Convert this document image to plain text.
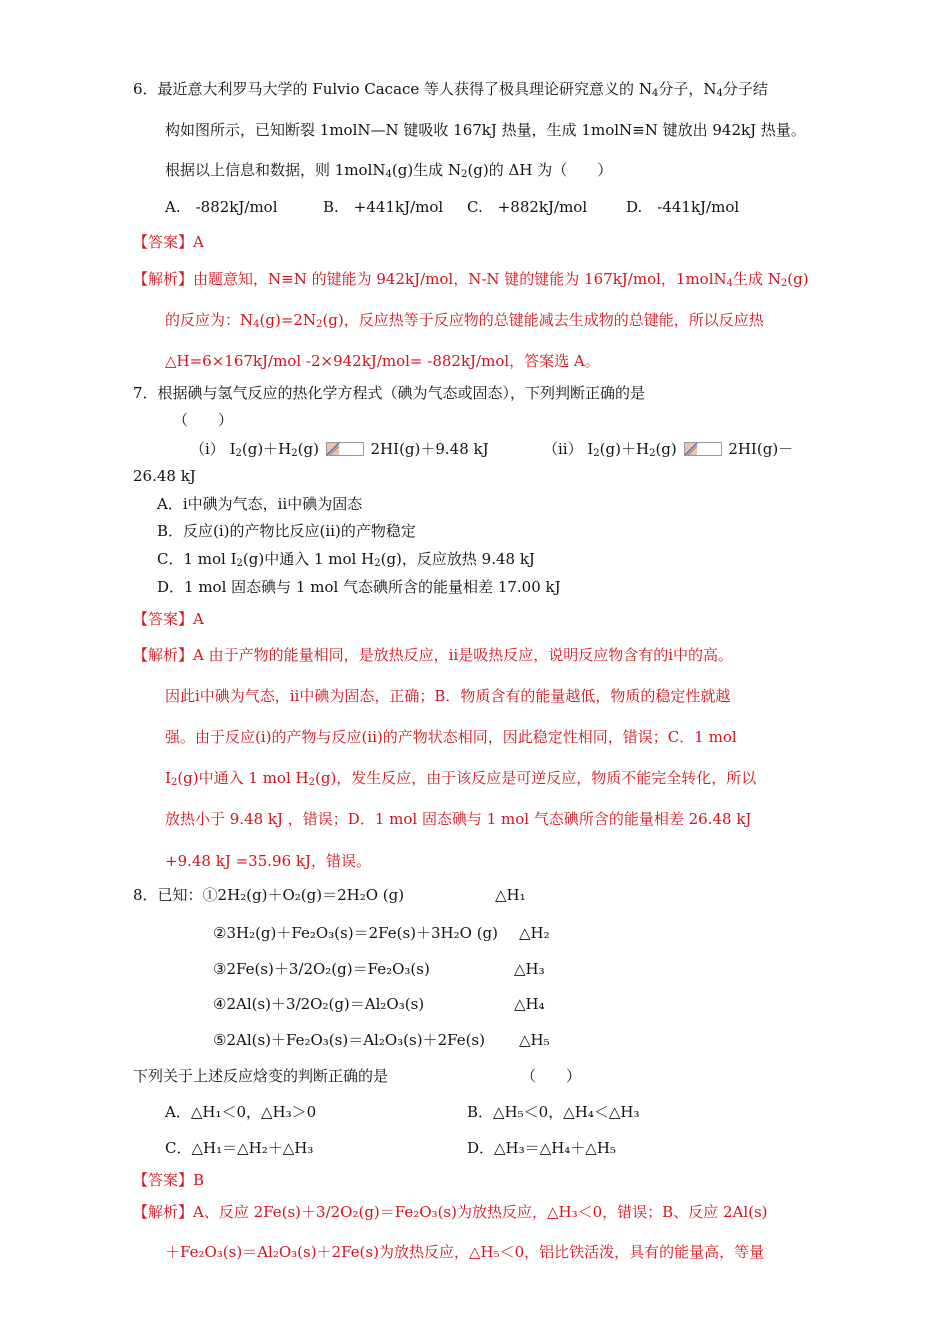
6．最近意大利罗马大学的 Fulvio Cacace 等人获得了极具理论研究意义的 $N_4$分子，$N_4$分子结
构如图所示，已知断裂 1molN—N 键吸收 167kJ 热量，生成 1molN≡N 键放出 942kJ 热量。
根据以上信息和数据，则 1molN$_4$(g)生成 $N_2(g)$的 ΔH 为（　　）
A.　-882kJ/mol	B.　+441kJ/mol C.　+882kJ/mol	D.　-441kJ/mol
【答案】A
【解析】由题意知，N≡N 的键能为 942kJ/mol，N-N 键的键能为 167kJ/mol，1molN$_4$生成 $N_2(g)$
的反应为：$N_4(g)=2N_2(g)$，反应热等于反应物的总键能减去生成物的总键能，所以反应热
△H=6×167kJ/mol -2×942kJ/mol= -882kJ/mol，答案选 A。
7．根据碘与氢气反应的热化学方程式（碘为气态或固态），下列判断正确的是
（　　）
（ⅰ） $I_2(g)+H_2(g)$	2HI(g)＋9.48 kJ	（ⅱ） $I_2(g)+H_2(g)$	2HI(g)－
26.48 kJ
A．ⅰ中碘为气态，ⅱ中碘为固态
B．反应(ⅰ)的产物比反应(ⅱ)的产物稳定
C．1 mol $I_2(g)$中通入 1 mol $H_2(g)$，反应放热 9.48 kJ
D．1 mol 固态碘与 1 mol 气态碘所含的能量相差 17.00 kJ
【答案】A
【解析】A 由于产物的能量相同，是放热反应，ⅱ是吸热反应，说明反应物含有的ⅰ中的高。
因此ⅰ中碘为气态，ⅱ中碘为固态，正确；B．物质含有的能量越低，物质的稳定性就越
强。由于反应(ⅰ)的产物与反应(ⅱ)的产物状态相同，因此稳定性相同，错误；C．1 mol
$I_2(g)$中通入 1 mol $H_2(g)$，发生反应，由于该反应是可逆反应，物质不能完全转化，所以
放热小于 9.48 kJ ，错误；D．1 mol 固态碘与 1 mol 气态碘所含的能量相差 26.48 kJ
+9.48 kJ =35.96 kJ，错误。
8．已知：①2H₂(g)＋O₂(g)＝2H₂O (g)	△H₁
②3H₂(g)＋Fe₂O₃(s)＝2Fe(s)＋3H₂O (g) △H₂
③2Fe(s)＋3/2O₂(g)＝Fe₂O₃(s)	△H₃
④2Al(s)＋3/2O₂(g)＝Al₂O₃(s)	△H₄
⑤2Al(s)＋Fe₂O₃(s)＝Al₂O₃(s)＋2Fe(s) △H₅
下列关于上述反应焓变的判断正确的是	（　　）
A．△H₁＜0，△H₃＞0	B．△H₅＜0，△H₄＜△H₃
C．△H₁＝△H₂＋△H₃	D．△H₃＝△H₄＋△H₅
【答案】B
【解析】A、反应 2Fe(s)＋3/2O₂(g)＝Fe₂O₃(s)为放热反应，△H₃＜0，错误；B、反应 2Al(s)
＋Fe₂O₃(s)＝Al₂O₃(s)＋2Fe(s)为放热反应，△H₅＜0，铝比铁活泼，具有的能量高，等量
